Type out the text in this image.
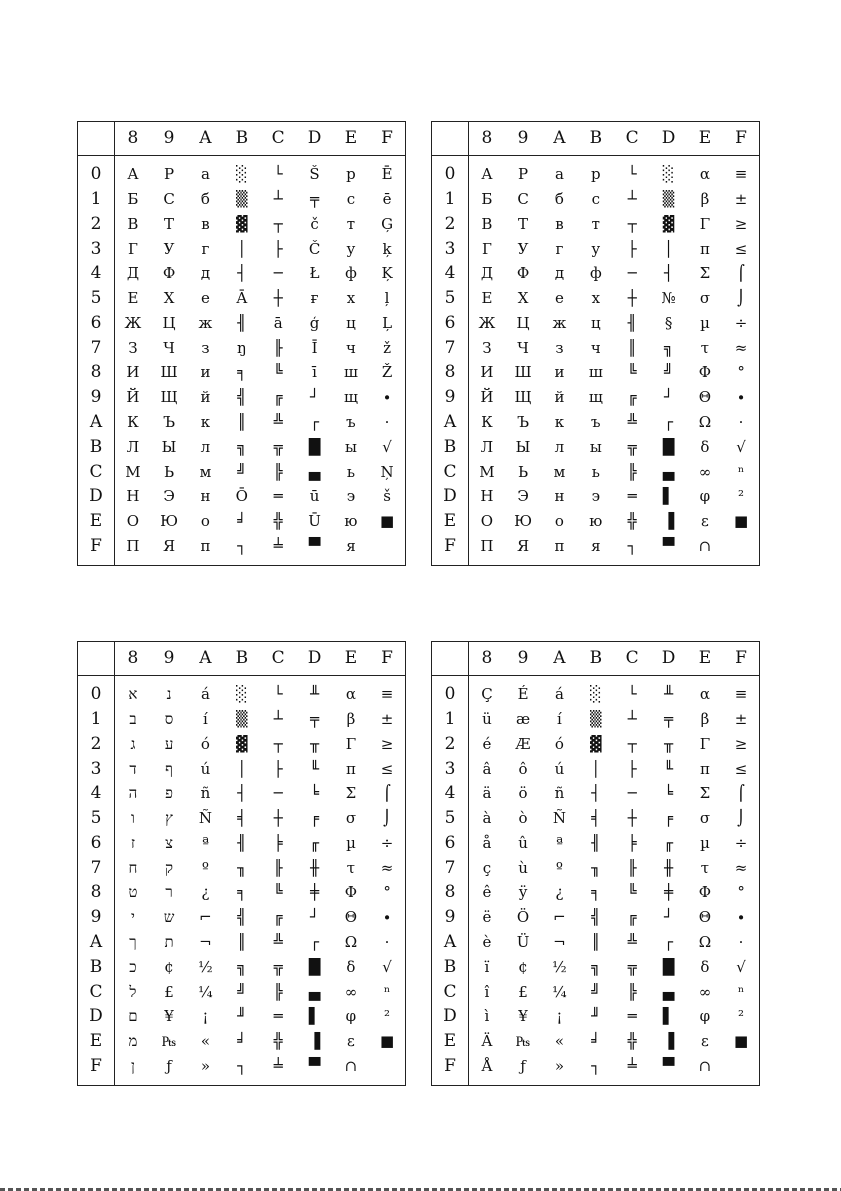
	8	9	A	B	C	D	E	F
0	А	Р	а	░	└	Š	р	Ē
1	Б	С	б	▒	┴	╤	с	ē
2	В	Т	в	▓	┬	č	т	Ģ
3	Г	У	г	│	├	Č	у	ķ
4	Д	Ф	д	┤	─	Ł	ф	Ķ
5	Е	Х	е	Ā	┼	ғ	х	ļ
6	Ж	Ц	ж	╢	ā	ģ	ц	Ļ
7	З	Ч	з	ŋ	╟	Ī	ч	ž
8	И	Ш	и	╕	╚	ī	ш	Ž
9	Й	Щ	й	╣	╔	┘	щ	∙
A	К	Ъ	к	║	╩	┌	ъ	·
B	Л	Ы	л	╗	╦	█	ы	√
C	М	Ь	м	╝	╠	▄	ь	Ņ
D	Н	Э	н	Ō	═	ū	э	š
E	О	Ю	о	╛	╬	Ū	ю	■
F	П	Я	п	┐	╧	▀	я	
	8	9	A	B	C	D	E	F
0	А	Р	а	р	└	░	α	≡
1	Б	С	б	с	┴	▒	β	±
2	В	Т	в	т	┬	▓	Γ	≥
3	Г	У	г	у	├	│	π	≤
4	Д	Ф	д	ф	─	┤	Σ	⌠
5	Е	Х	е	х	┼	№	σ	⌡
6	Ж	Ц	ж	ц	╢	§	µ	÷
7	З	Ч	з	ч	║	╗	τ	≈
8	И	Ш	и	ш	╚	╝	Φ	°
9	Й	Щ	й	щ	╔	┘	Θ	∙
A	К	Ъ	к	ъ	╩	┌	Ω	·
B	Л	Ы	л	ы	╦	█	δ	√
C	М	Ь	м	ь	╠	▄	∞	ⁿ
D	Н	Э	н	э	═	▌	φ	²
E	О	Ю	о	ю	╬	▐	ε	■
F	П	Я	п	я	┐	▀	∩	
	8	9	A	B	C	D	E	F
0	א	נ	á	░	└	╨	α	≡
1	ב	ס	í	▒	┴	╤	β	±
2	ג	ע	ó	▓	┬	╥	Γ	≥
3	ד	ף	ú	│	├	╙	π	≤
4	ה	פ	ñ	┤	─	╘	Σ	⌠
5	ו	ץ	Ñ	╡	┼	╒	σ	⌡
6	ז	צ	ª	╢	╞	╓	µ	÷
7	ח	ק	º	╖	╟	╫	τ	≈
8	ט	ר	¿	╕	╚	╪	Φ	°
9	י	ש	⌐	╣	╔	┘	Θ	∙
A	ך	ת	¬	║	╩	┌	Ω	·
B	כ	¢	½	╗	╦	█	δ	√
C	ל	£	¼	╝	╠	▄	∞	ⁿ
D	ם	¥	¡	╜	═	▌	φ	²
E	מ	₧	«	╛	╬	▐	ε	■
F	ן	ƒ	»	┐	╧	▀	∩	
	8	9	A	B	C	D	E	F
0	Ç	É	á	░	└	╨	α	≡
1	ü	æ	í	▒	┴	╤	β	±
2	é	Æ	ó	▓	┬	╥	Γ	≥
3	â	ô	ú	│	├	╙	π	≤
4	ä	ö	ñ	┤	─	╘	Σ	⌠
5	à	ò	Ñ	╡	┼	╒	σ	⌡
6	å	û	ª	╢	╞	╓	µ	÷
7	ç	ù	º	╖	╟	╫	τ	≈
8	ê	ÿ	¿	╕	╚	╪	Φ	°
9	ë	Ö	⌐	╣	╔	┘	Θ	∙
A	è	Ü	¬	║	╩	┌	Ω	·
B	ï	¢	½	╗	╦	█	δ	√
C	î	£	¼	╝	╠	▄	∞	ⁿ
D	ì	¥	¡	╜	═	▌	φ	²
E	Ä	₧	«	╛	╬	▐	ε	■
F	Å	ƒ	»	┐	╧	▀	∩	
